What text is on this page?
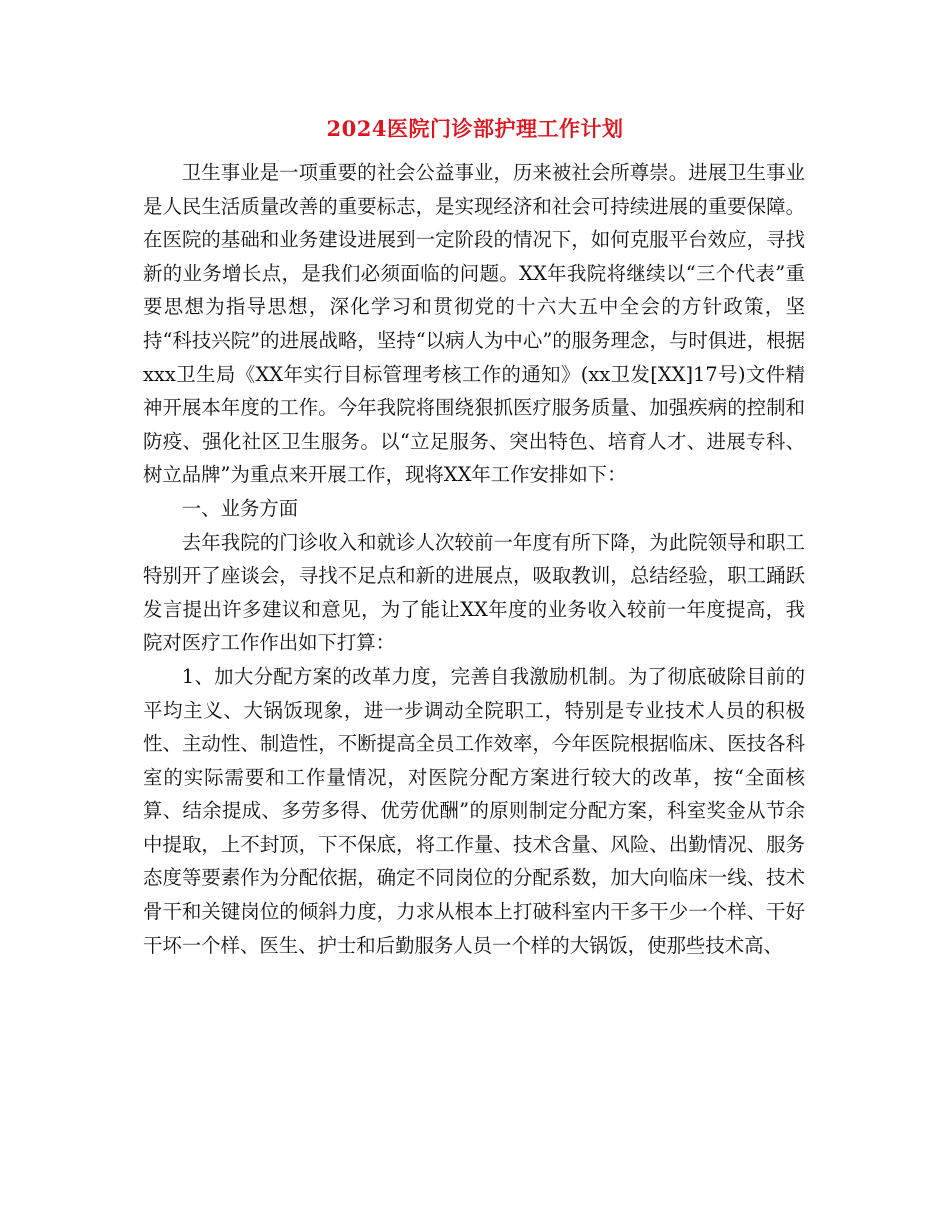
2024医院门诊部护理工作计划

卫生事业是一项重要的社会公益事业，历来被社会所尊崇。进展卫生事业是人民生活质量改善的重要标志，是实现经济和社会可持续进展的重要保障。在医院的基础和业务建设进展到一定阶段的情况下，如何克服平台效应，寻找新的业务增长点，是我们必须面临的问题。XX年我院将继续以“三个代表”重要思想为指导思想，深化学习和贯彻党的十六大五中全会的方针政策，坚持“科技兴院”的进展战略，坚持“以病人为中心”的服务理念，与时俱进，根据xxx卫生局《XX年实行目标管理考核工作的通知》(xx卫发[XX]17号)文件精神开展本年度的工作。今年我院将围绕狠抓医疗服务质量、加强疾病的控制和防疫、强化社区卫生服务。以“立足服务、突出特色、培育人才、进展专科、树立品牌”为重点来开展工作，现将XX年工作安排如下：

一、业务方面

去年我院的门诊收入和就诊人次较前一年度有所下降，为此院领导和职工特别开了座谈会，寻找不足点和新的进展点，吸取教训，总结经验，职工踊跃发言提出许多建议和意见，为了能让XX年度的业务收入较前一年度提高，我院对医疗工作作出如下打算：

1、加大分配方案的改革力度，完善自我激励机制。为了彻底破除目前的平均主义、大锅饭现象，进一步调动全院职工，特别是专业技术人员的积极性、主动性、制造性，不断提高全员工作效率，今年医院根据临床、医技各科室的实际需要和工作量情况，对医院分配方案进行较大的改革，按“全面核算、结余提成、多劳多得、优劳优酬”的原则制定分配方案，科室奖金从节余中提取，上不封顶，下不保底，将工作量、技术含量、风险、出勤情况、服务态度等要素作为分配依据，确定不同岗位的分配系数，加大向临床一线、技术骨干和关键岗位的倾斜力度，力求从根本上打破科室内干多干少一个样、干好干坏一个样、医生、护士和后勤服务人员一个样的大锅饭，使那些技术高、
